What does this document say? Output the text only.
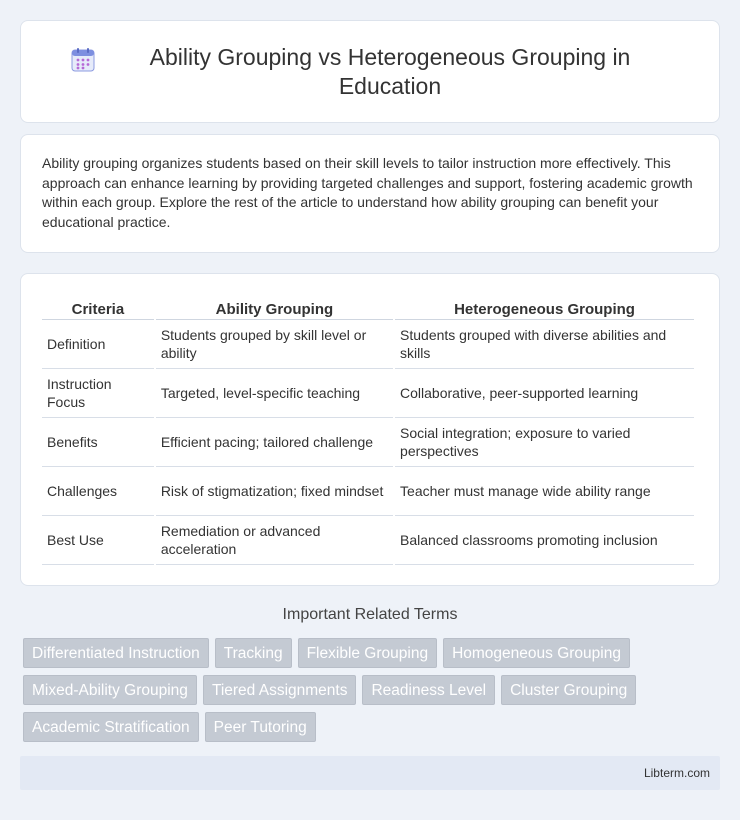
Ability Grouping vs Heterogeneous Grouping in Education

Ability grouping organizes students based on their skill levels to tailor instruction more effectively. This approach can enhance learning by providing targeted challenges and support, fostering academic growth within each group. Explore the rest of the article to understand how ability grouping can benefit your educational practice.

Criteria	Ability Grouping	Heterogeneous Grouping
Definition	Students grouped by skill level or ability	Students grouped with diverse abilities and skills
Instruction Focus	Targeted, level-specific teaching	Collaborative, peer-supported learning
Benefits	Efficient pacing; tailored challenge	Social integration; exposure to varied perspectives
Challenges	Risk of stigmatization; fixed mindset	Teacher must manage wide ability range
Best Use	Remediation or advanced acceleration	Balanced classrooms promoting inclusion
Important Related Terms
Differentiated Instruction	Tracking	Flexible Grouping	Homogeneous Grouping
Mixed-Ability Grouping	Tiered Assignments	Readiness Level	Cluster Grouping
Academic Stratification	Peer Tutoring
Libterm.com
